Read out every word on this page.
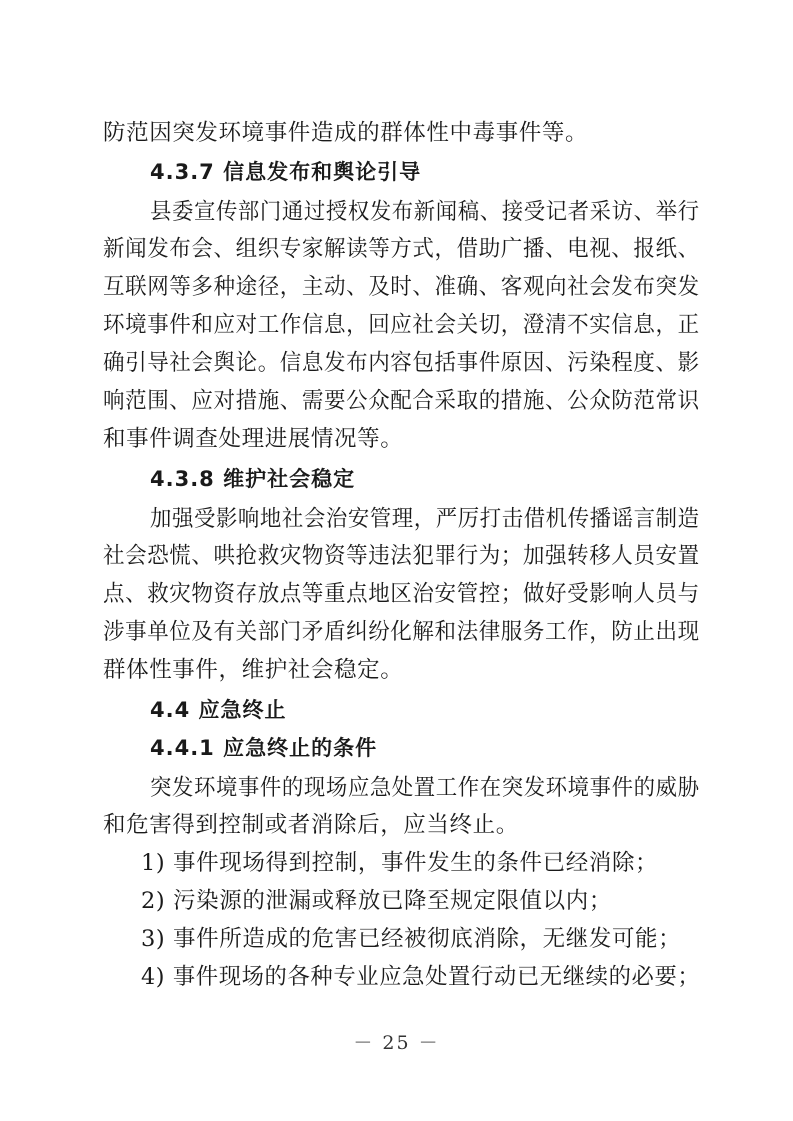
防范因突发环境事件造成的群体性中毒事件等。
4.3.7 信息发布和舆论引导
县委宣传部门通过授权发布新闻稿、接受记者采访、举行
新闻发布会、组织专家解读等方式，借助广播、电视、报纸、
互联网等多种途径，主动、及时、准确、客观向社会发布突发
环境事件和应对工作信息，回应社会关切，澄清不实信息，正
确引导社会舆论。信息发布内容包括事件原因、污染程度、影
响范围、应对措施、需要公众配合采取的措施、公众防范常识
和事件调查处理进展情况等。
4.3.8 维护社会稳定
加强受影响地社会治安管理，严厉打击借机传播谣言制造
社会恐慌、哄抢救灾物资等违法犯罪行为；加强转移人员安置
点、救灾物资存放点等重点地区治安管控；做好受影响人员与
涉事单位及有关部门矛盾纠纷化解和法律服务工作，防止出现
群体性事件，维护社会稳定。
4.4 应急终止
4.4.1 应急终止的条件
突发环境事件的现场应急处置工作在突发环境事件的威胁
和危害得到控制或者消除后，应当终止。
1) 事件现场得到控制，事件发生的条件已经消除；
2) 污染源的泄漏或释放已降至规定限值以内；
3) 事件所造成的危害已经被彻底消除，无继发可能；
4) 事件现场的各种专业应急处置行动已无继续的必要；
－ 25 －
